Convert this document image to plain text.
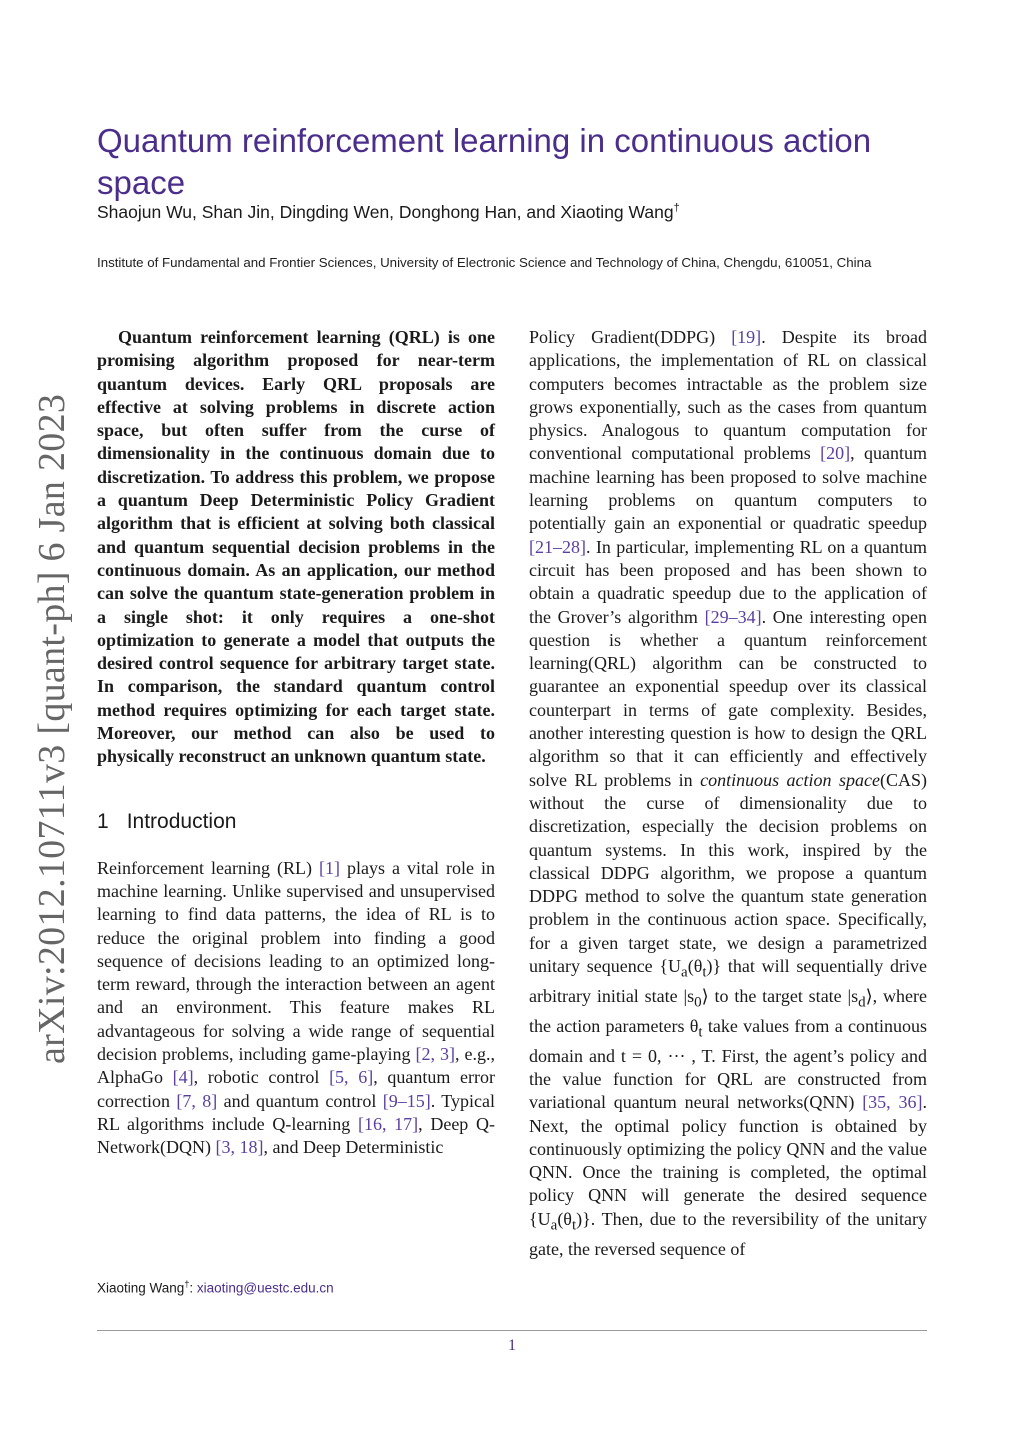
Quantum reinforcement learning in continuous action space
Shaojun Wu, Shan Jin, Dingding Wen, Donghong Han, and Xiaoting Wang†
Institute of Fundamental and Frontier Sciences, University of Electronic Science and Technology of China, Chengdu, 610051, China
arXiv:2012.10711v3 [quant-ph] 6 Jan 2023

Quantum reinforcement learning (QRL) is one promising algorithm proposed for near-term quantum devices. Early QRL proposals are effective at solving problems in discrete action space, but often suffer from the curse of dimensionality in the continuous domain due to discretization. To address this problem, we propose a quantum Deep Deterministic Policy Gradient algorithm that is efficient at solving both classical and quantum sequential decision problems in the continuous domain. As an application, our method can solve the quantum state-generation problem in a single shot: it only requires a one-shot optimization to generate a model that outputs the desired control sequence for arbitrary target state. In comparison, the standard quantum control method requires optimizing for each target state. Moreover, our method can also be used to physically reconstruct an unknown quantum state.

1 Introduction

Reinforcement learning (RL) [1] plays a vital role in machine learning. Unlike supervised and unsupervised learning to find data patterns, the idea of RL is to reduce the original problem into finding a good sequence of decisions leading to an optimized long-term reward, through the interaction between an agent and an environment. This feature makes RL advantageous for solving a wide range of sequential decision problems, including game-playing [2, 3], e.g., AlphaGo [4], robotic control [5, 6], quantum error correction [7, 8] and quantum control [9–15]. Typical RL algorithms include Q-learning [16, 17], Deep Q-Network(DQN) [3, 18], and Deep Deterministic

Policy Gradient(DDPG) [19]. Despite its broad applications, the implementation of RL on classical computers becomes intractable as the problem size grows exponentially, such as the cases from quantum physics. Analogous to quantum computation for conventional computational problems [20], quantum machine learning has been proposed to solve machine learning problems on quantum computers to potentially gain an exponential or quadratic speedup [21–28]. In particular, implementing RL on a quantum circuit has been proposed and has been shown to obtain a quadratic speedup due to the application of the Grover’s algorithm [29–34]. One interesting open question is whether a quantum reinforcement learning(QRL) algorithm can be constructed to guarantee an exponential speedup over its classical counterpart in terms of gate complexity. Besides, another interesting question is how to design the QRL algorithm so that it can efficiently and effectively solve RL problems in continuous action space(CAS) without the curse of dimensionality due to discretization, especially the decision problems on quantum systems. In this work, inspired by the classical DDPG algorithm, we propose a quantum DDPG method to solve the quantum state generation problem in the continuous action space. Specifically, for a given target state, we design a parametrized unitary sequence $\{U_a(\theta_t)\}$ that will sequentially drive arbitrary initial state $|s_0⟩$ to the target state $|s_d⟩$, where the action parameters $\theta_t$ take values from a continuous domain and t = 0, ··· , T. First, the agent’s policy and the value function for QRL are constructed from variational quantum neural networks(QNN) [35, 36]. Next, the optimal policy function is obtained by continuously optimizing the policy QNN and the value QNN. Once the training is completed, the optimal policy QNN will generate the desired sequence $\{U_a(\theta_t)\}$. Then, due to the reversibility of the unitary gate, the reversed sequence of

Xiaoting Wang†: xiaoting@uestc.edu.cn
1
